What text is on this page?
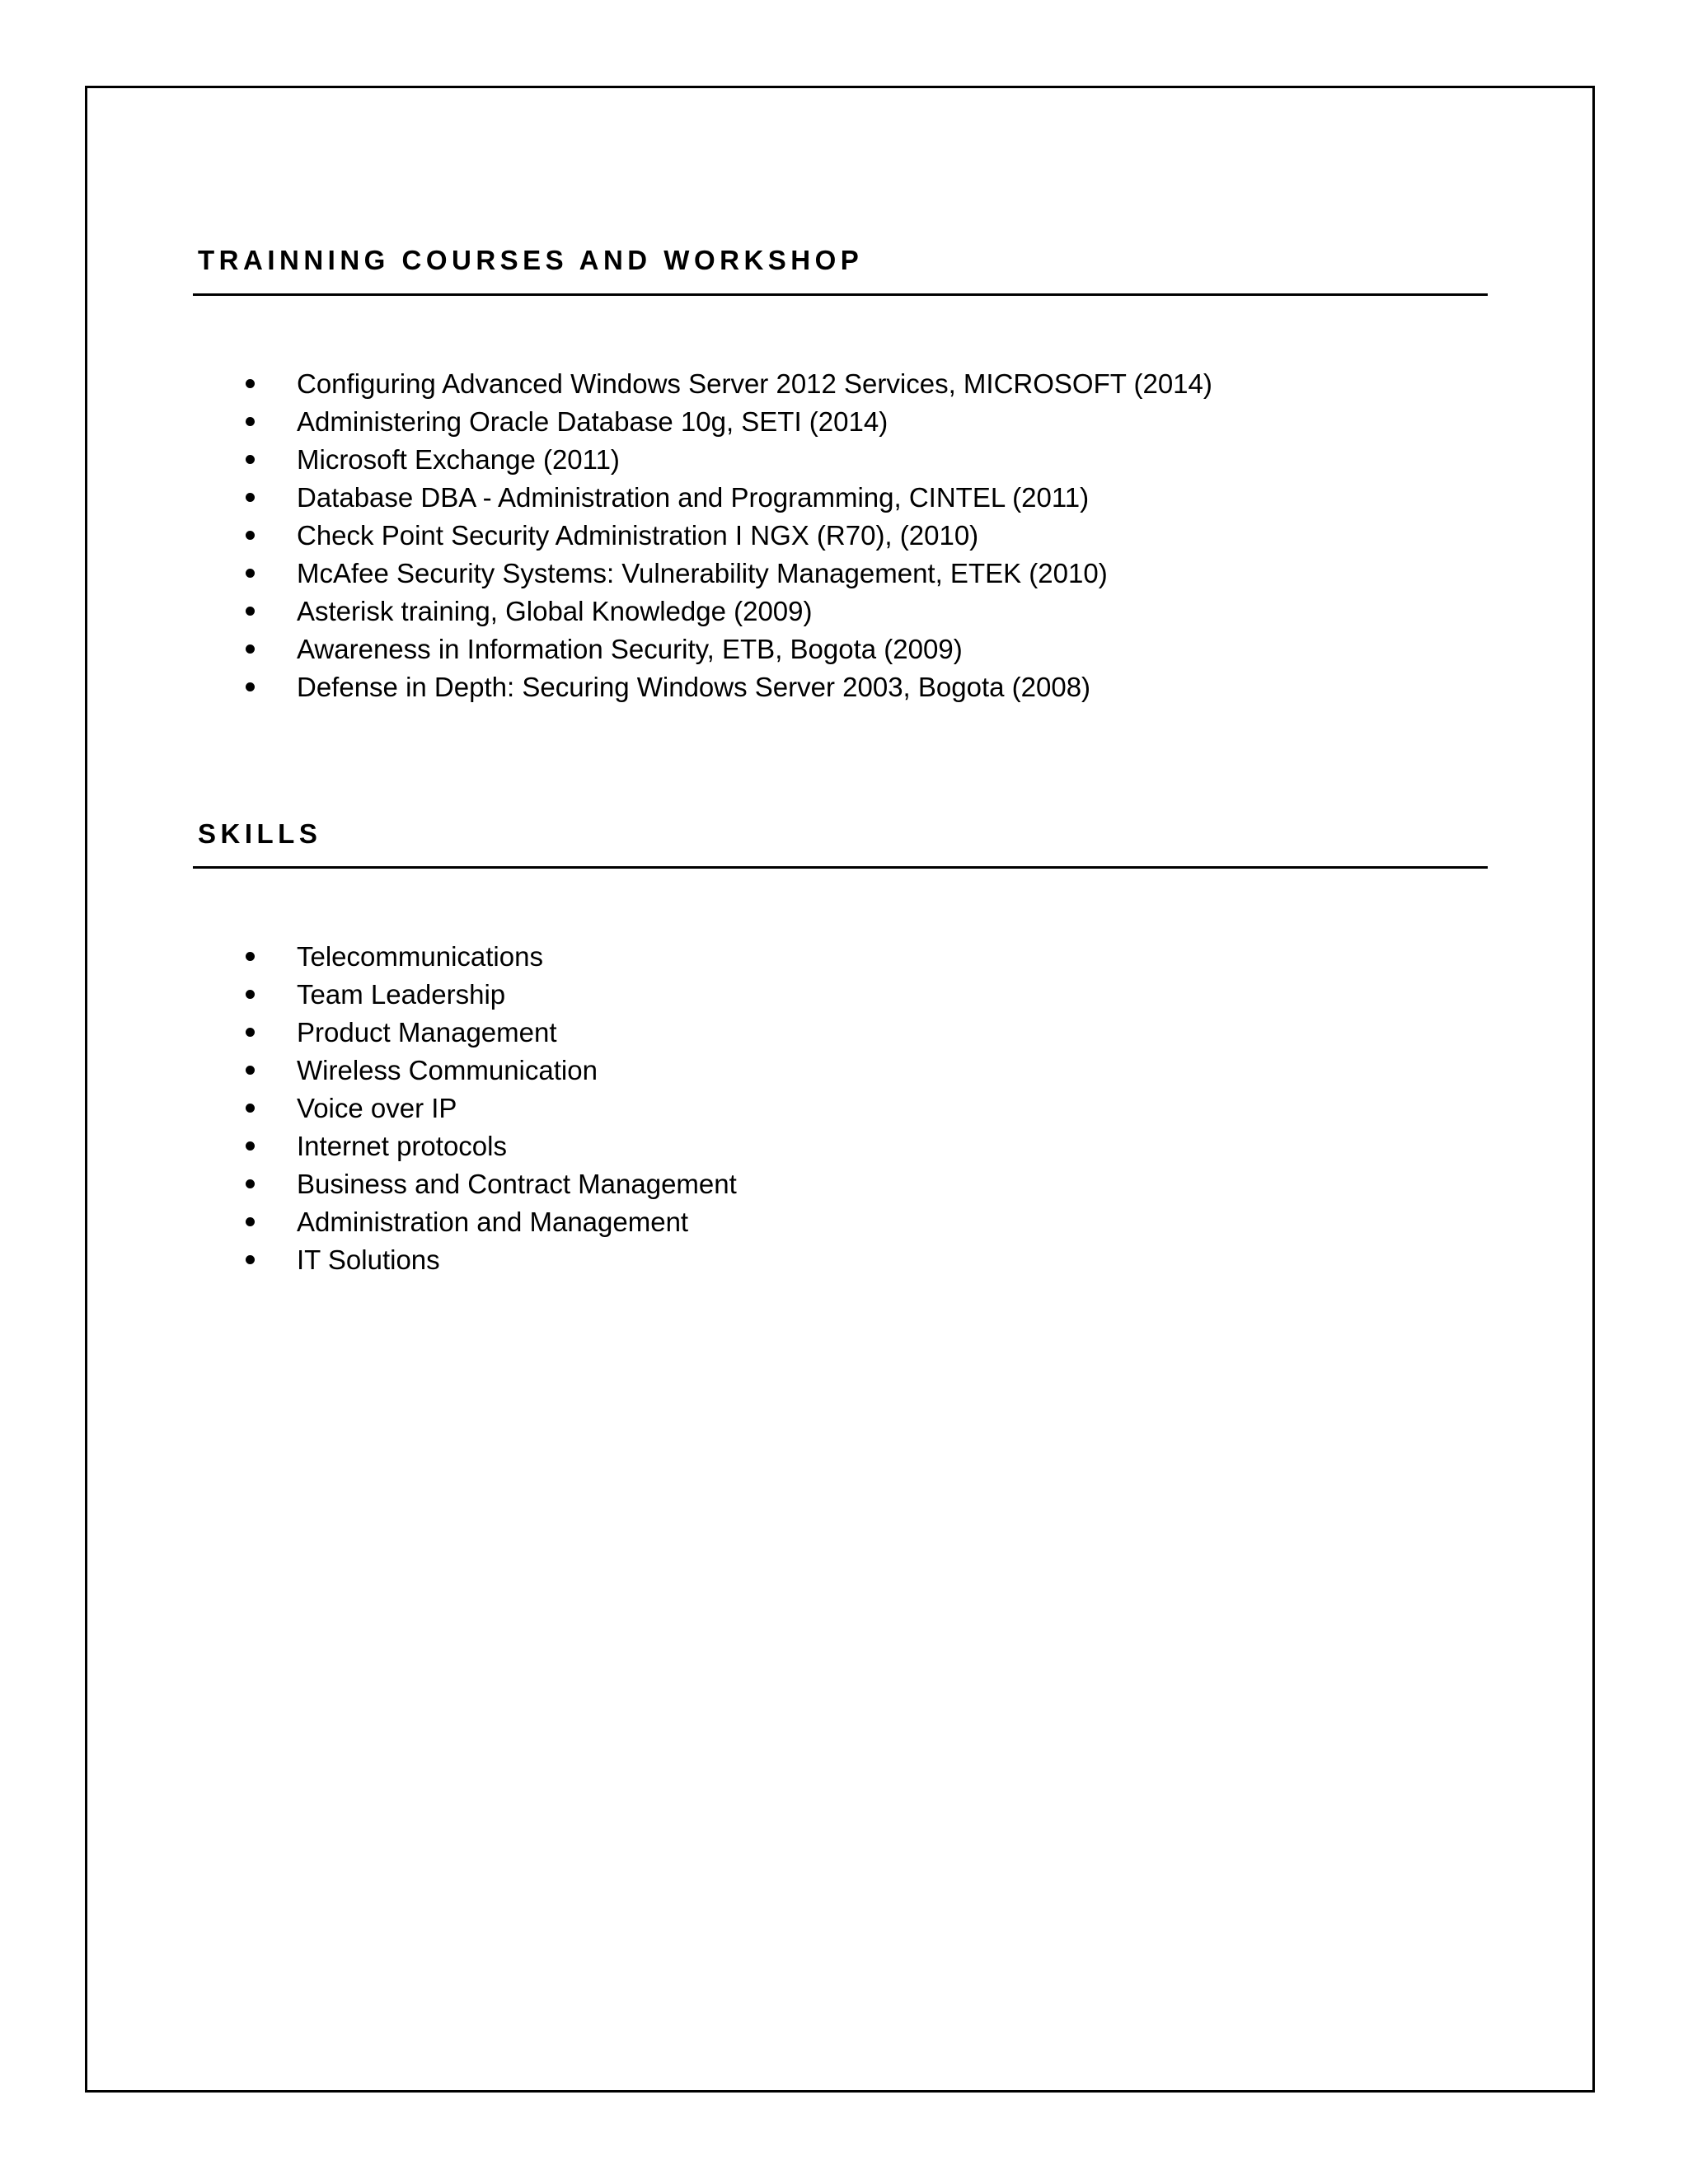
TRAINNING COURSES AND WORKSHOP
Configuring Advanced Windows Server 2012 Services, MICROSOFT (2014)
Administering Oracle Database 10g, SETI (2014)
Microsoft Exchange (2011)
Database DBA - Administration and Programming, CINTEL (2011)
Check Point Security Administration I NGX (R70), (2010)
McAfee Security Systems: Vulnerability Management, ETEK (2010)
Asterisk training, Global Knowledge (2009)
Awareness in Information Security, ETB, Bogota (2009)
Defense in Depth: Securing Windows Server 2003, Bogota (2008)
SKILLS
Telecommunications
Team Leadership
Product Management
Wireless Communication
Voice over IP
Internet protocols
Business and Contract Management
Administration and Management
IT Solutions
